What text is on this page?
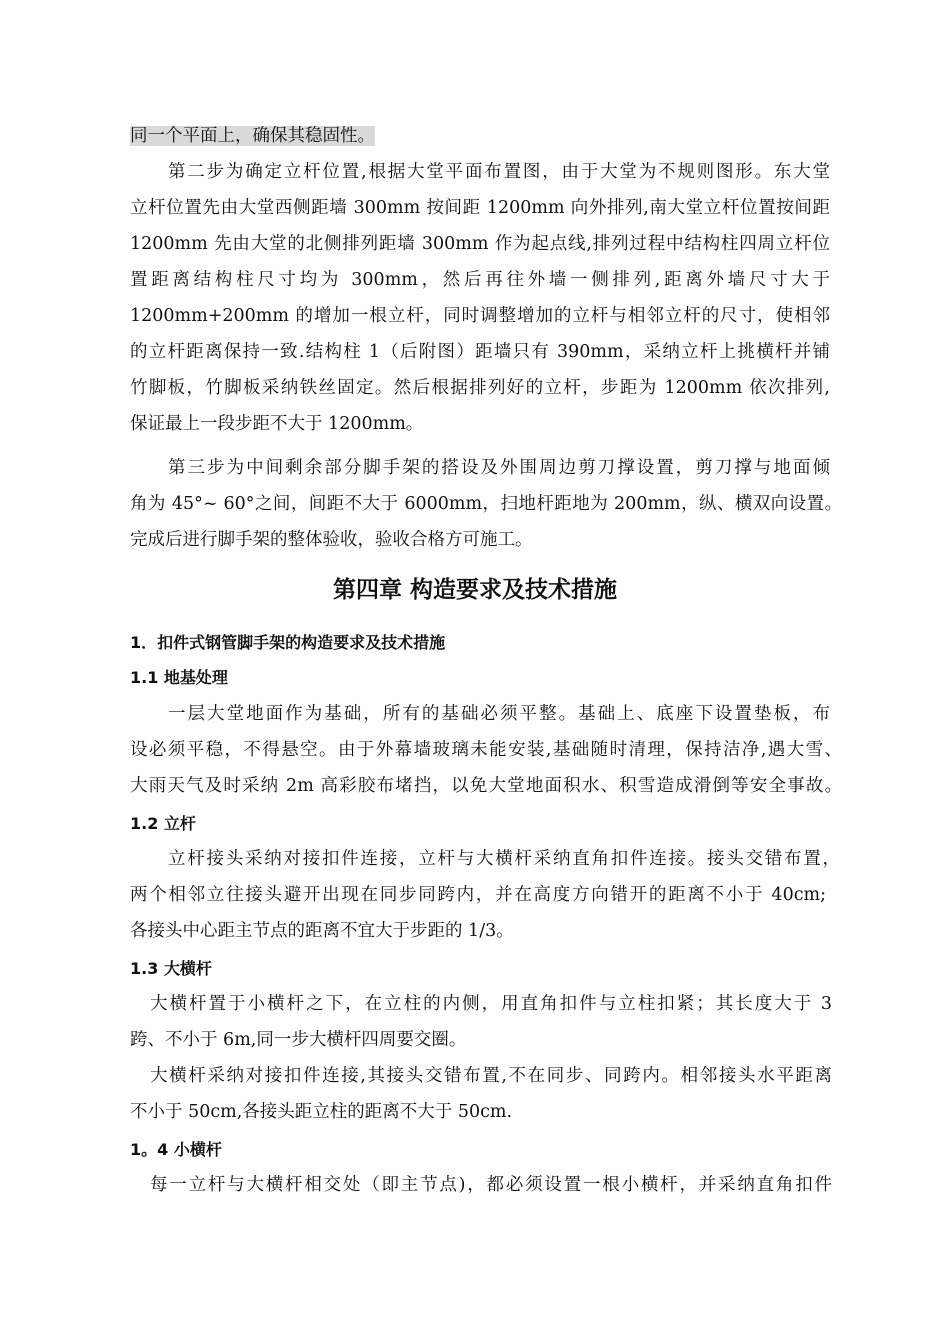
同一个平面上，确保其稳固性。
第二步为确定立杆位置,根据大堂平面布置图，由于大堂为不规则图形。东大堂
立杆位置先由大堂西侧距墙 300mm 按间距 1200mm 向外排列,南大堂立杆位置按间距
1200mm 先由大堂的北侧排列距墙 300mm 作为起点线,排列过程中结构柱四周立杆位
置距离结构柱尺寸均为 300mm，然后再往外墙一侧排列,距离外墙尺寸大于
1200mm+200mm 的增加一根立杆，同时调整增加的立杆与相邻立杆的尺寸，使相邻
的立杆距离保持一致.结构柱 1（后附图）距墙只有 390mm，采纳立杆上挑横杆并铺
竹脚板，竹脚板采纳铁丝固定。然后根据排列好的立杆，步距为 1200mm 依次排列,
保证最上一段步距不大于 1200mm。
第三步为中间剩余部分脚手架的搭设及外围周边剪刀撑设置，剪刀撑与地面倾
角为 45°~ 60°之间，间距不大于 6000mm，扫地杆距地为 200mm，纵、横双向设置。
完成后进行脚手架的整体验收，验收合格方可施工。
第四章 构造要求及技术措施
1．扣件式钢管脚手架的构造要求及技术措施
1.1 地基处理
一层大堂地面作为基础，所有的基础必须平整。基础上、底座下设置垫板，布
设必须平稳，不得悬空。由于外幕墙玻璃未能安装,基础随时清理，保持洁净,遇大雪、
大雨天气及时采纳 2m 高彩胶布堵挡，以免大堂地面积水、积雪造成滑倒等安全事故。
1.2 立杆
立杆接头采纳对接扣件连接，立杆与大横杆采纳直角扣件连接。接头交错布置，
两个相邻立往接头避开出现在同步同跨内，并在高度方向错开的距离不小于 40cm;
各接头中心距主节点的距离不宜大于步距的 1/3。
1.3 大横杆
大横杆置于小横杆之下，在立柱的内侧，用直角扣件与立柱扣紧；其长度大于 3
跨、不小于 6m,同一步大横杆四周要交圈。
大横杆采纳对接扣件连接,其接头交错布置,不在同步、同跨内。相邻接头水平距离
不小于 50cm,各接头距立柱的距离不大于 50cm.
1。4 小横杆
每一立杆与大横杆相交处（即主节点)，都必须设置一根小横杆，并采纳直角扣件
